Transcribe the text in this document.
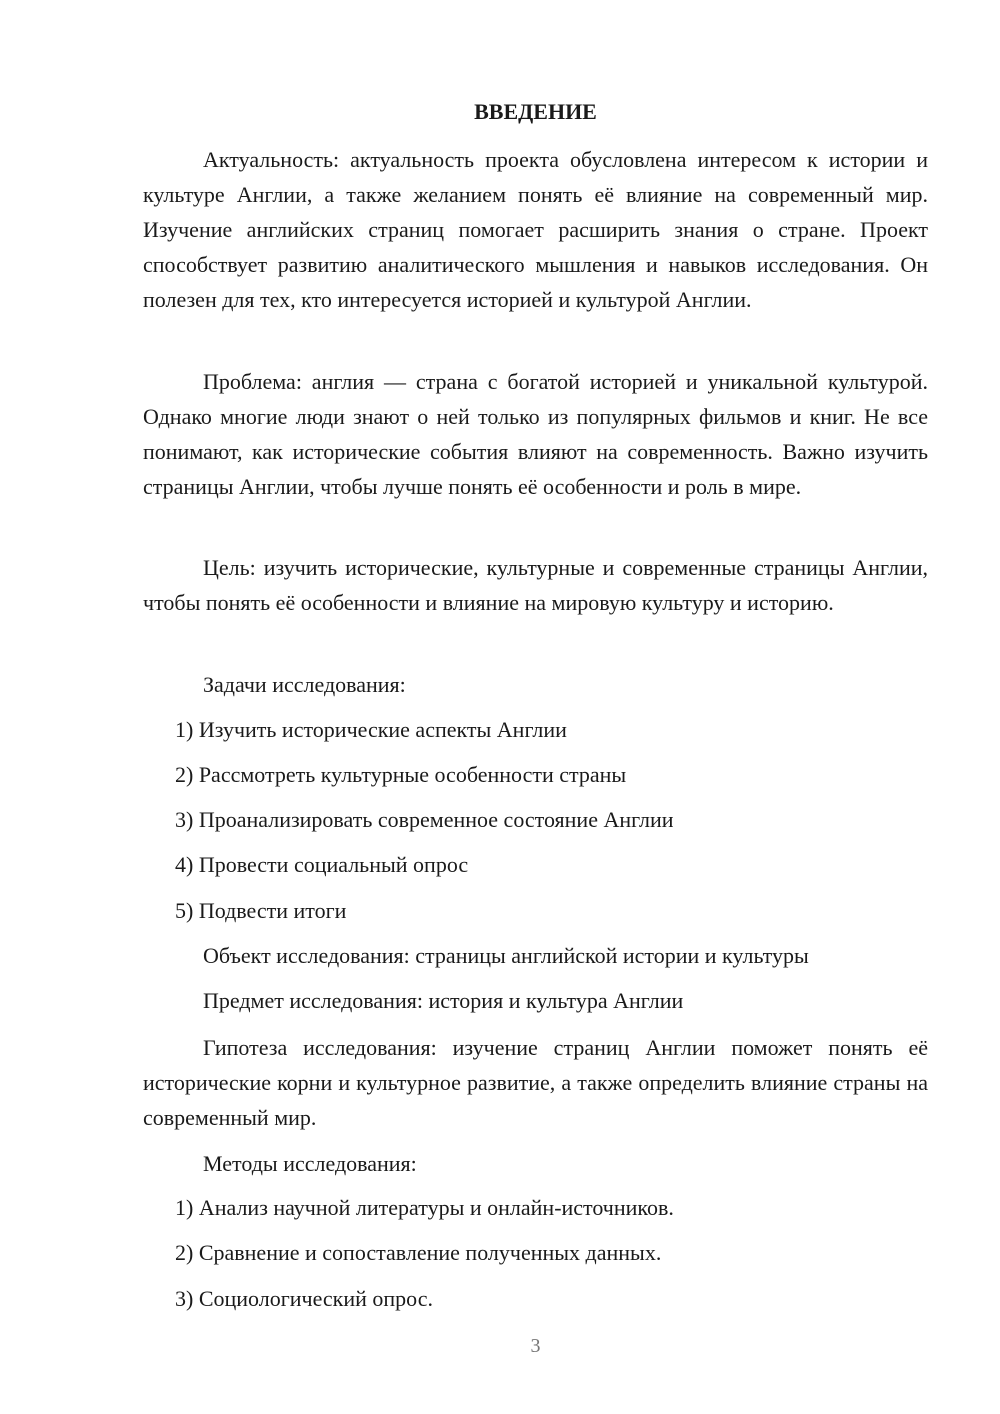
ВВЕДЕНИЕ

Актуальность: актуальность проекта обусловлена интересом к истории и культуре Англии, а также желанием понять её влияние на современный мир. Изучение английских страниц помогает расширить знания о стране. Проект способствует развитию аналитического мышления и навыков исследования. Он полезен для тех, кто интересуется историей и культурой Англии.

Проблема: англия — страна с богатой историей и уникальной культурой. Однако многие люди знают о ней только из популярных фильмов и книг. Не все понимают, как исторические события влияют на современность. Важно изучить страницы Англии, чтобы лучше понять её особенности и роль в мире.

Цель: изучить исторические, культурные и современные страницы Англии, чтобы понять её особенности и влияние на мировую культуру и историю.

Задачи исследования:

1) Изучить исторические аспекты Англии

2) Рассмотреть культурные особенности страны

3) Проанализировать современное состояние Англии

4) Провести социальный опрос

5) Подвести итоги

Объект исследования: страницы английской истории и культуры

Предмет исследования: история и культура Англии

Гипотеза исследования: изучение страниц Англии поможет понять её исторические корни и культурное развитие, а также определить влияние страны на современный мир.

Методы исследования:

1) Анализ научной литературы и онлайн-источников.

2) Сравнение и сопоставление полученных данных.

3) Социологический опрос.

3
